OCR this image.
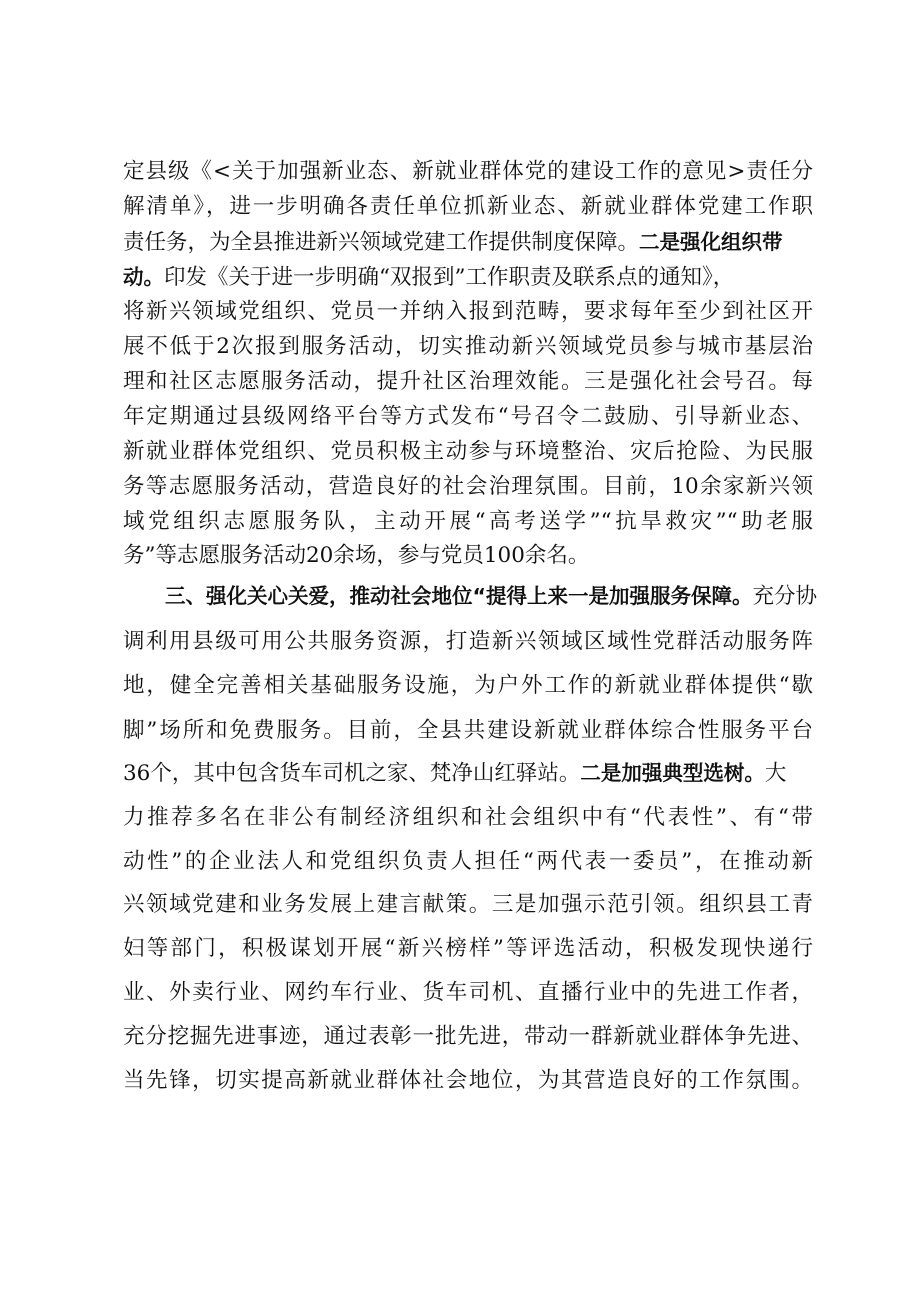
定县级《<关于加强新业态、新就业群体党的建设工作的意见>责任分
解清单》，进一步明确各责任单位抓新业态、新就业群体党建工作职
责任务，为全县推进新兴领域党建工作提供制度保障。二是强化组织带
动。印发《关于进一步明确“双报到”工作职责及联系点的通知》，
将新兴领域党组织、党员一并纳入报到范畴，要求每年至少到社区开
展不低于2次报到服务活动，切实推动新兴领域党员参与城市基层治
理和社区志愿服务活动，提升社区治理效能。三是强化社会号召。每
年定期通过县级网络平台等方式发布“号召令二鼓励、引导新业态、
新就业群体党组织、党员积极主动参与环境整治、灾后抢险、为民服
务等志愿服务活动，营造良好的社会治理氛围。目前，10余家新兴领
域党组织志愿服务队，主动开展“高考送学”“抗旱救灾”“助老服
务”等志愿服务活动20余场，参与党员100余名。
三、强化关心关爱，推动社会地位“提得上来一是加强服务保障。充分协
调利用县级可用公共服务资源，打造新兴领域区域性党群活动服务阵
地，健全完善相关基础服务设施，为户外工作的新就业群体提供“歇
脚”场所和免费服务。目前，全县共建设新就业群体综合性服务平台
36个，其中包含货车司机之家、梵净山红驿站。二是加强典型选树。大
力推荐多名在非公有制经济组织和社会组织中有“代表性”、有“带
动性”的企业法人和党组织负责人担任“两代表一委员”，在推动新
兴领域党建和业务发展上建言献策。三是加强示范引领。组织县工青
妇等部门，积极谋划开展“新兴榜样”等评选活动，积极发现快递行
业、外卖行业、网约车行业、货车司机、直播行业中的先进工作者，
充分挖掘先进事迹，通过表彰一批先进，带动一群新就业群体争先进、
当先锋，切实提高新就业群体社会地位，为其营造良好的工作氛围。
